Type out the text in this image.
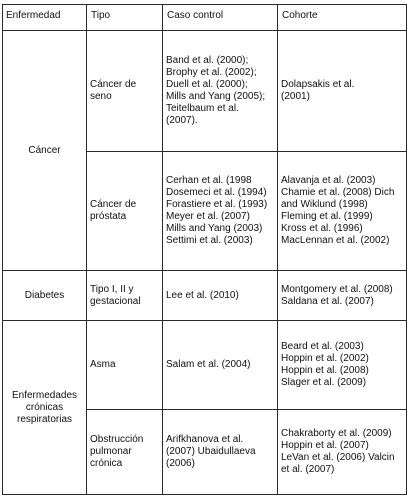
Enfermedad	Tipo	Caso control	Cohorte
Cáncer	Cáncer de seno	Band et al. (2000); Brophy et al. (2002); Duell et al. (2000); Mills and Yang (2005); Teitelbaum et al. (2007).	Dolapsakis et al. (2001)

	Cáncer de próstata	Cerhan et al. (1998 Dosemeci et al. (1994) Forastiere et al. (1993) Meyer et al. (2007) Mills and Yang (2003) Settimi et al. (2003)	Alavanja et al. (2003) Chamie et al. (2008) Dich and Wiklund (1998) Fleming et al. (1999) Kross et al. (1996) MacLennan et al. (2002)

Diabetes	Tipo I, II y gestacional	Lee et al. (2010)	Montgomery et al. (2008) Saldana et al. (2007)

Enfermedades crónicas respiratorias	Asma	Salam et al. (2004)	Beard et al. (2003) Hoppin et al. (2002) Hoppin et al. (2008) Slager et al. (2009)

	Obstrucción pulmonar crónica	Arifkhanova et al. (2007) Ubaidullaeva (2006)	Chakraborty et al. (2009) Hoppin et al. (2007) LeVan et al. (2006) Valcin et al. (2007)
